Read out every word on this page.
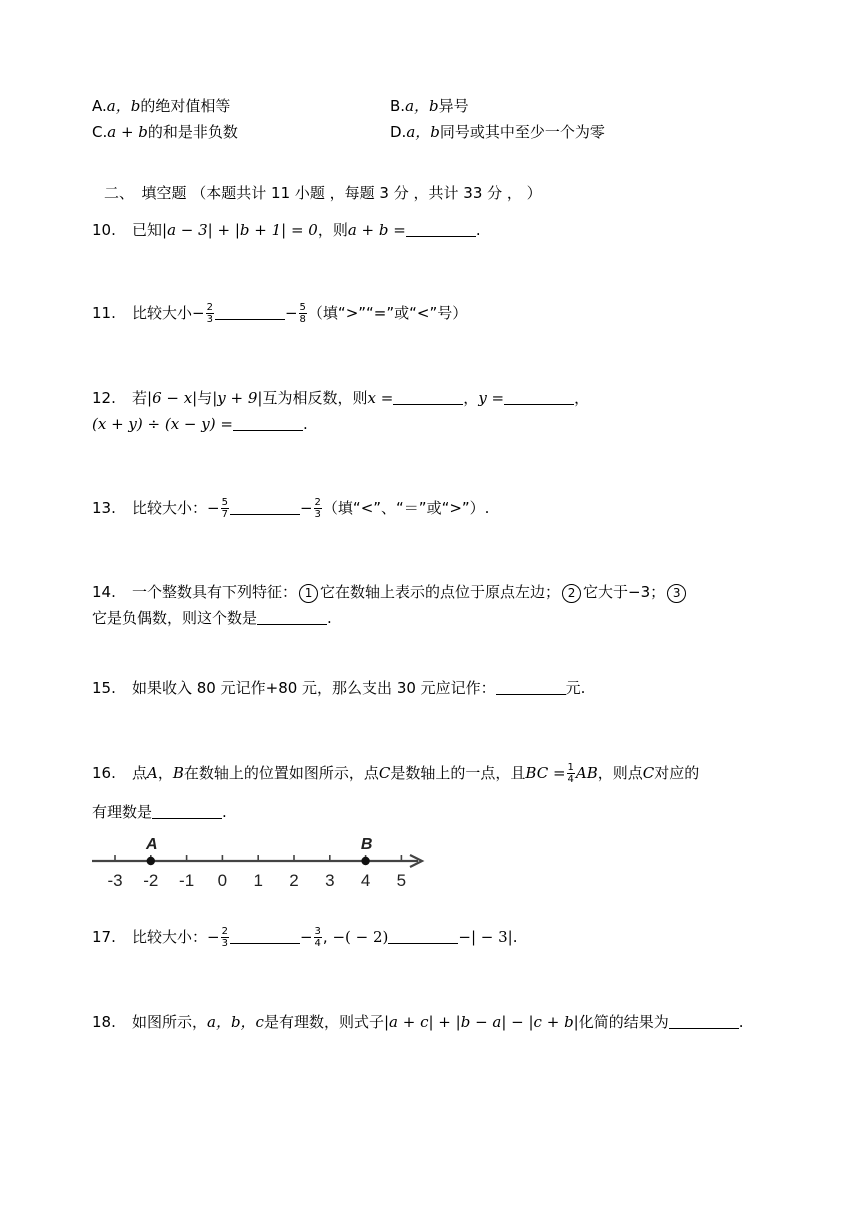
A.a，b的绝对值相等	B.a，b异号
C.a + b的和是非负数	D.a，b同号或其中至少一个为零
二、　填空题 （本题共计 11 小题 ，每题 3 分 ，共计 33 分 ， ）
10. 已知|a − 3| + |b + 1| = 0，则a + b =	.
11. 比较大小− $\frac{2}{3}$	− $\frac{5}{8}$ （填“>”“=”或“<”号）
12. 若|6 − x|与|y + 9|互为相反数，则x =	，y =	，
(x + y) ÷ (x − y) =	.
13. 比较大小：− $\frac{5}{7}$	− $\frac{2}{3}$ （填“<”、“＝”或“>”）.
14. 一个整数具有下列特征： 1 它在数轴上表示的点位于原点左边； 2 它大于−3； 3
它是负偶数，则这个数是	.
15. 如果收入 80 元记作+80 元，那么支出 30 元应记作：	元.
16. 点A，B在数轴上的位置如图所示，点C是数轴上的一点，且BC = $\frac{1}{4}$ AB，则点C对应的
有理数是	.
-3 -2 -1 0 1 2 3 4 5
A	B
17. 比较大小：− $\frac{2}{3}$	− $\frac{3}{4}$ , −( − 2)	−| − 3|.
18. 如图所示，a，b，c是有理数，则式子|a + c| + |b − a| − |c + b|化简的结果为	.
